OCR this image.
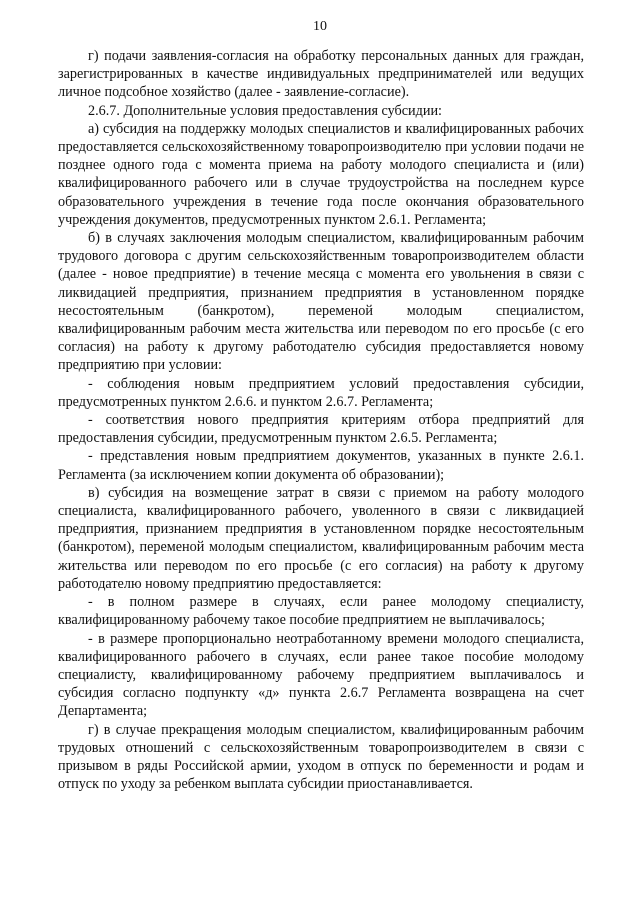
10

г) подачи заявления-согласия на обработку персональных данных для граждан, зарегистрированных в качестве индивидуальных предпринимателей или ведущих личное подсобное хозяйство (далее - заявление-согласие).

2.6.7. Дополнительные условия предоставления субсидии:

а) субсидия на поддержку молодых специалистов и квалифицированных рабочих предоставляется сельскохозяйственному товаропроизводителю при условии подачи не позднее одного года с момента приема на работу молодого специалиста и (или) квалифицированного рабочего или в случае трудоустройства на последнем курсе образовательного учреждения в течение года после окончания образовательного учреждения документов, предусмотренных пунктом 2.6.1. Регламента;

б) в случаях заключения молодым специалистом, квалифицированным рабочим трудового договора с другим сельскохозяйственным товаропроизводителем области (далее - новое предприятие) в течение месяца с момента его увольнения в связи с ликвидацией предприятия, признанием предприятия в установленном порядке несостоятельным (банкротом), переменой молодым специалистом, квалифицированным рабочим места жительства или переводом по его просьбе (с его согласия) на работу к другому работодателю субсидия предоставляется новому предприятию при условии:

- соблюдения новым предприятием условий предоставления субсидии, предусмотренных пунктом 2.6.6. и пунктом 2.6.7. Регламента;

- соответствия нового предприятия критериям отбора предприятий для предоставления субсидии, предусмотренным пунктом 2.6.5. Регламента;

- представления новым предприятием документов, указанных в пункте 2.6.1. Регламента (за исключением копии документа об образовании);

в) субсидия на возмещение затрат в связи с приемом на работу молодого специалиста, квалифицированного рабочего, уволенного в связи с ликвидацией предприятия, признанием предприятия в установленном порядке несостоятельным (банкротом), переменой молодым специалистом, квалифицированным рабочим места жительства или переводом по его просьбе (с его согласия) на работу к другому работодателю новому предприятию предоставляется:

- в полном размере в случаях, если ранее молодому специалисту, квалифицированному рабочему такое пособие предприятием не выплачивалось;

- в размере пропорционально неотработанному времени молодого специалиста, квалифицированного рабочего в случаях, если ранее такое пособие молодому специалисту, квалифицированному рабочему предприятием выплачивалось и субсидия согласно подпункту «д» пункта 2.6.7 Регламента возвращена на счет Департамента;

г) в случае прекращения молодым специалистом, квалифицированным рабочим трудовых отношений с сельскохозяйственным товаропроизводителем в связи с призывом в ряды Российской армии, уходом в отпуск по беременности и родам и отпуск по уходу за ребенком выплата субсидии приостанавливается.
